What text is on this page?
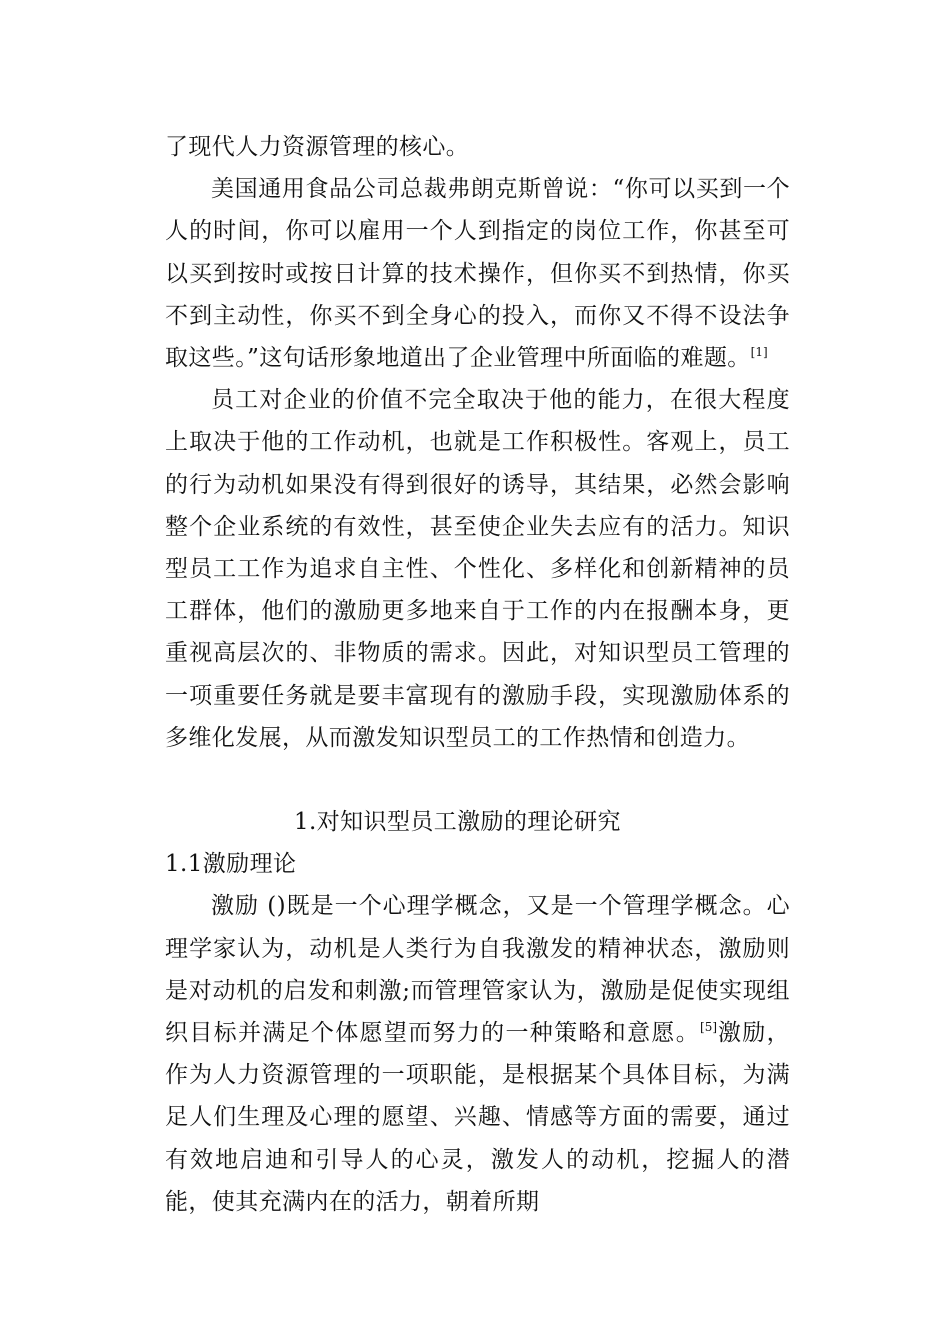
了现代人力资源管理的核心。

美国通用食品公司总裁弗朗克斯曾说：“你可以买到一个人的时间，你可以雇用一个人到指定的岗位工作，你甚至可以买到按时或按日计算的技术操作，但你买不到热情，你买不到主动性，你买不到全身心的投入，而你又不得不设法争取这些。”这句话形象地道出了企业管理中所面临的难题。[1]

员工对企业的价值不完全取决于他的能力，在很大程度上取决于他的工作动机，也就是工作积极性。客观上，员工的行为动机如果没有得到很好的诱导，其结果，必然会影响整个企业系统的有效性，甚至使企业失去应有的活力。知识型员工工作为追求自主性、个性化、多样化和创新精神的员工群体，他们的激励更多地来自于工作的内在报酬本身，更重视高层次的、非物质的需求。因此，对知识型员工管理的一项重要任务就是要丰富现有的激励手段，实现激励体系的多维化发展，从而激发知识型员工的工作热情和创造力。

1.对知识型员工激励的理论研究

1.1激励理论

激励 ()既是一个心理学概念，又是一个管理学概念。心理学家认为，动机是人类行为自我激发的精神状态，激励则是对动机的启发和刺激;而管理管家认为，激励是促使实现组织目标并满足个体愿望而努力的一种策略和意愿。[5]激励，作为人力资源管理的一项职能，是根据某个具体目标，为满足人们生理及心理的愿望、兴趣、情感等方面的需要，通过有效地启迪和引导人的心灵，激发人的动机，挖掘人的潜能，使其充满内在的活力，朝着所期
